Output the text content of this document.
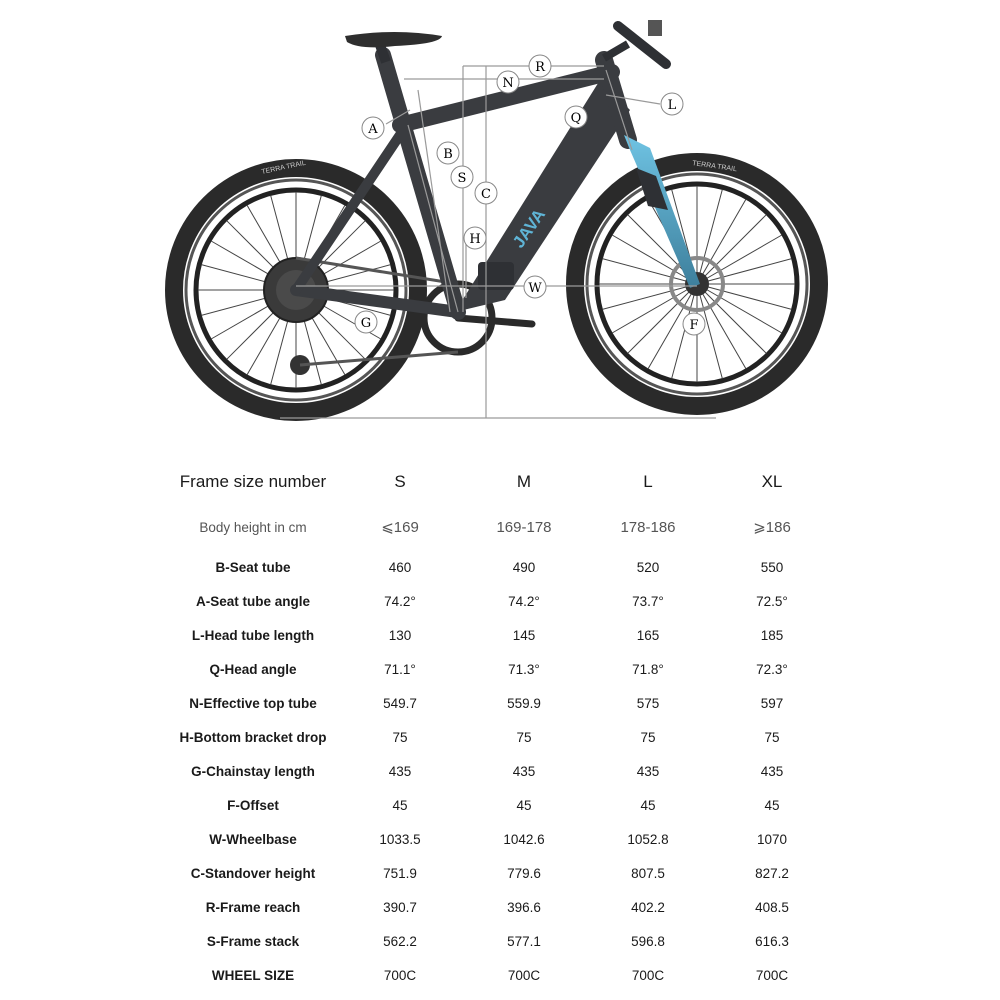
TERRA TRAIL	TERRA TRAIL
JAVA
A
B
S
C
H
R
N
Q
L
W
G	F
Frame size number	S	M	L	XL
Body height in cm	⩽169	169-178	178-186	⩾186
B-Seat tube	460	490	520	550
A-Seat tube angle	74.2°	74.2°	73.7°	72.5°
L-Head tube length	130	145	165	185
Q-Head angle	71.1°	71.3°	71.8°	72.3°
N-Effective top tube	549.7	559.9	575	597
H-Bottom bracket drop	75	75	75	75
G-Chainstay length	435	435	435	435
F-Offset	45	45	45	45
W-Wheelbase	1033.5	1042.6	1052.8	1070
C-Standover height	751.9	779.6	807.5	827.2
R-Frame reach	390.7	396.6	402.2	408.5
S-Frame stack	562.2	577.1	596.8	616.3
WHEEL SIZE	700C	700C	700C	700C
